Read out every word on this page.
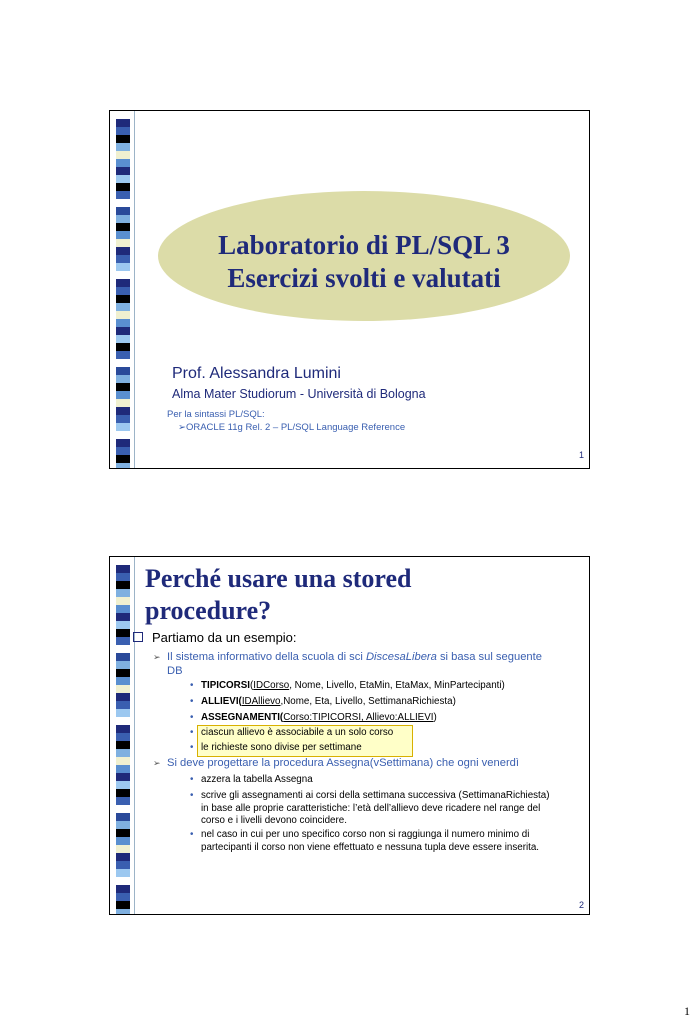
Laboratorio di PL/SQL 3
Esercizi svolti e valutati
Prof. Alessandra Lumini
Alma Mater Studiorum - Università di Bologna
Per la sintassi PL/SQL:
➢ORACLE 11g Rel. 2 – PL/SQL Language Reference
1
Perché usare una stored
procedure?
Partiamo da un esempio:
➢ Il sistema informativo della scuola di sci DiscesaLibera si basa sul seguente
DB
• TIPICORSI(IDCorso, Nome, Livello, EtaMin, EtaMax, MinPartecipanti)
• ALLIEVI(IDAllievo,Nome, Eta, Livello, SettimanaRichiesta)
• ASSEGNAMENTI(Corso:TIPICORSI, Allievo:ALLIEVI)
• ciascun allievo è associabile a un solo corso
• le richieste sono divise per settimane
➢ Si deve progettare la procedura Assegna(vSettimana) che ogni venerdì
• azzera la tabella Assegna
• scrive gli assegnamenti ai corsi della settimana successiva (SettimanaRichiesta)
in base alle proprie caratteristiche: l’età dell’allievo deve ricadere nel range del
corso e i livelli devono coincidere.
• nel caso in cui per uno specifico corso non si raggiunga il numero minimo di
partecipanti il corso non viene effettuato e nessuna tupla deve essere inserita.
2
1
